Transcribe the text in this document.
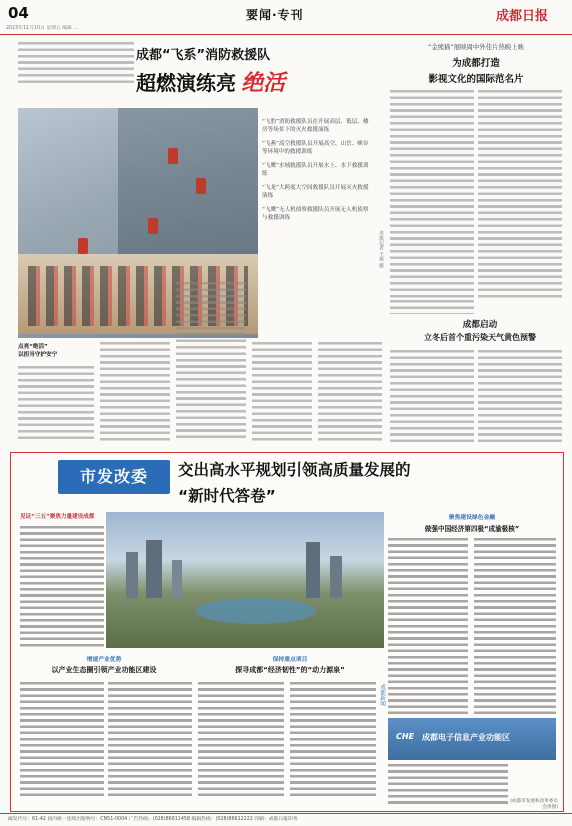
04
2023年11月10日 星期五 编辑 ...
要闻·专刊	成都日报
成都“飞系”消防救援队
超燃演练亮 绝活
“飞豹”消防救援队员在开展高层、低层、楼房等场景下的灭火救援演练
“飞燕”高空救援队员开展高空、山岳、峡谷等环境中的救援训练
“飞鹰”水域救援队员开展水上、水下救援训练
“飞龙”大跨度大空间救援队员开展灭火救援演练
“飞鹰”无人机侦察救援队员开展无人机侦察与救援训练
本报记者 王爽 摄
点亮“绝活”
以担当守护安宁
“金熊猫”展映周中外佳片热映上映
为成都打造
影视文化的国际范名片
成都启动
立冬后首个重污染天气黄色预警
市发改委	交出高水平规划引领高质量发展的
“新时代答卷”
见证“三五”聚焦力量建设成都	聚焦建设绿色金融
做强中国经济第四极“成渝极核”
增速产业优势
以产业生态圈引领产业功能区建设
保持重点项目
探寻成都“经济韧性”的“动力源泉”
成都新闻
CHE 成都电子信息产业功能区
(成都市发展和改革委员会供图)
邮发代号：61-42 国内统一连续出版物号：CN51-0004 广告热线：(028)86611458 编辑热线：(028)86612222 印刷：成都日报印务
